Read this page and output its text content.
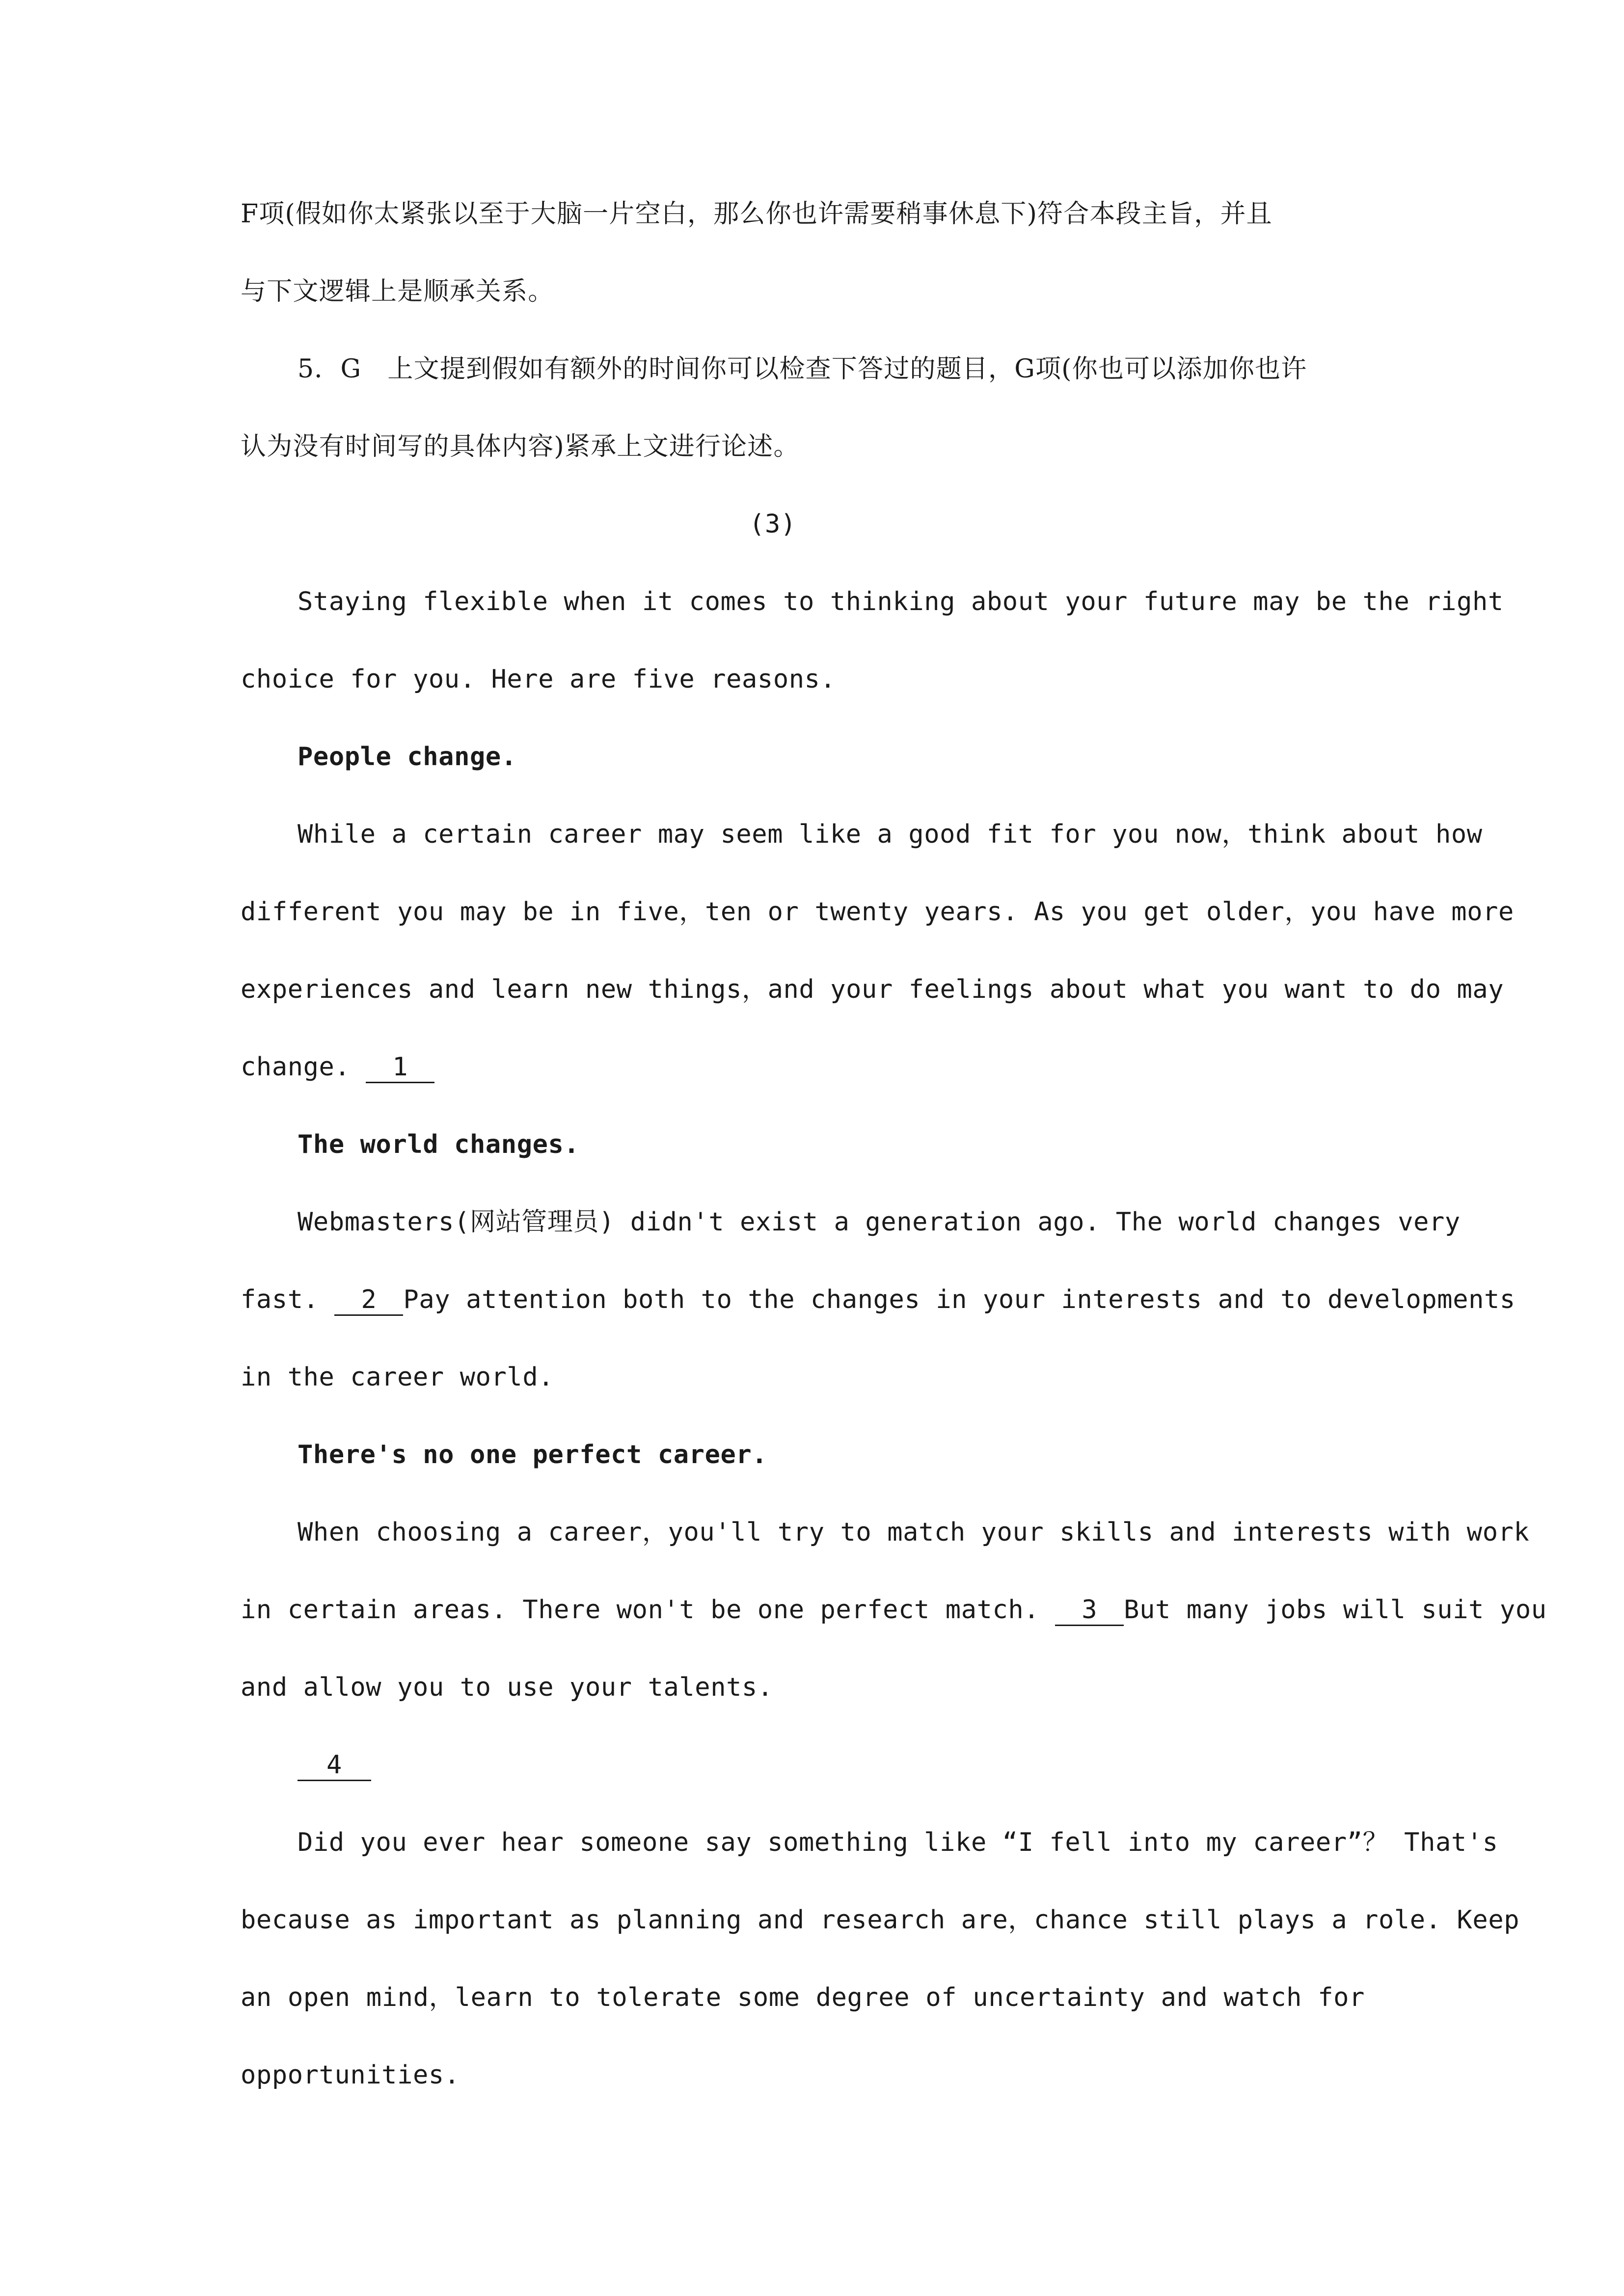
F项(假如你太紧张以至于大脑一片空白，那么你也许需要稍事休息下)符合本段主旨，并且
与下文逻辑上是顺承关系。
5．G　上文提到假如有额外的时间你可以检查下答过的题目，G项(你也可以添加你也许
认为没有时间写的具体内容)紧承上文进行论述。
(3)
Staying flexible when it comes to thinking about your future may be the right
choice for you. Here are five reasons.
People change.
While a certain career may seem like a good fit for you now，think about how
different you may be in five，ten or twenty years. As you get older，you have more
experiences and learn new things，and your feelings about what you want to do may
change. 1
The world changes.
Webmasters(网站管理员) didn't exist a generation ago. The world changes very
fast. 2 Pay attention both to the changes in your interests and to developments
in the career world.
There's no one perfect career.
When choosing a career，you'll try to match your skills and interests with work
in certain areas. There won't be one perfect match. 3 But many jobs will suit you
and allow you to use your talents.
4
Did you ever hear someone say something like “I fell into my career”？ That's
because as important as planning and research are，chance still plays a role. Keep
an open mind，learn to tolerate some degree of uncertainty and watch for
opportunities.
